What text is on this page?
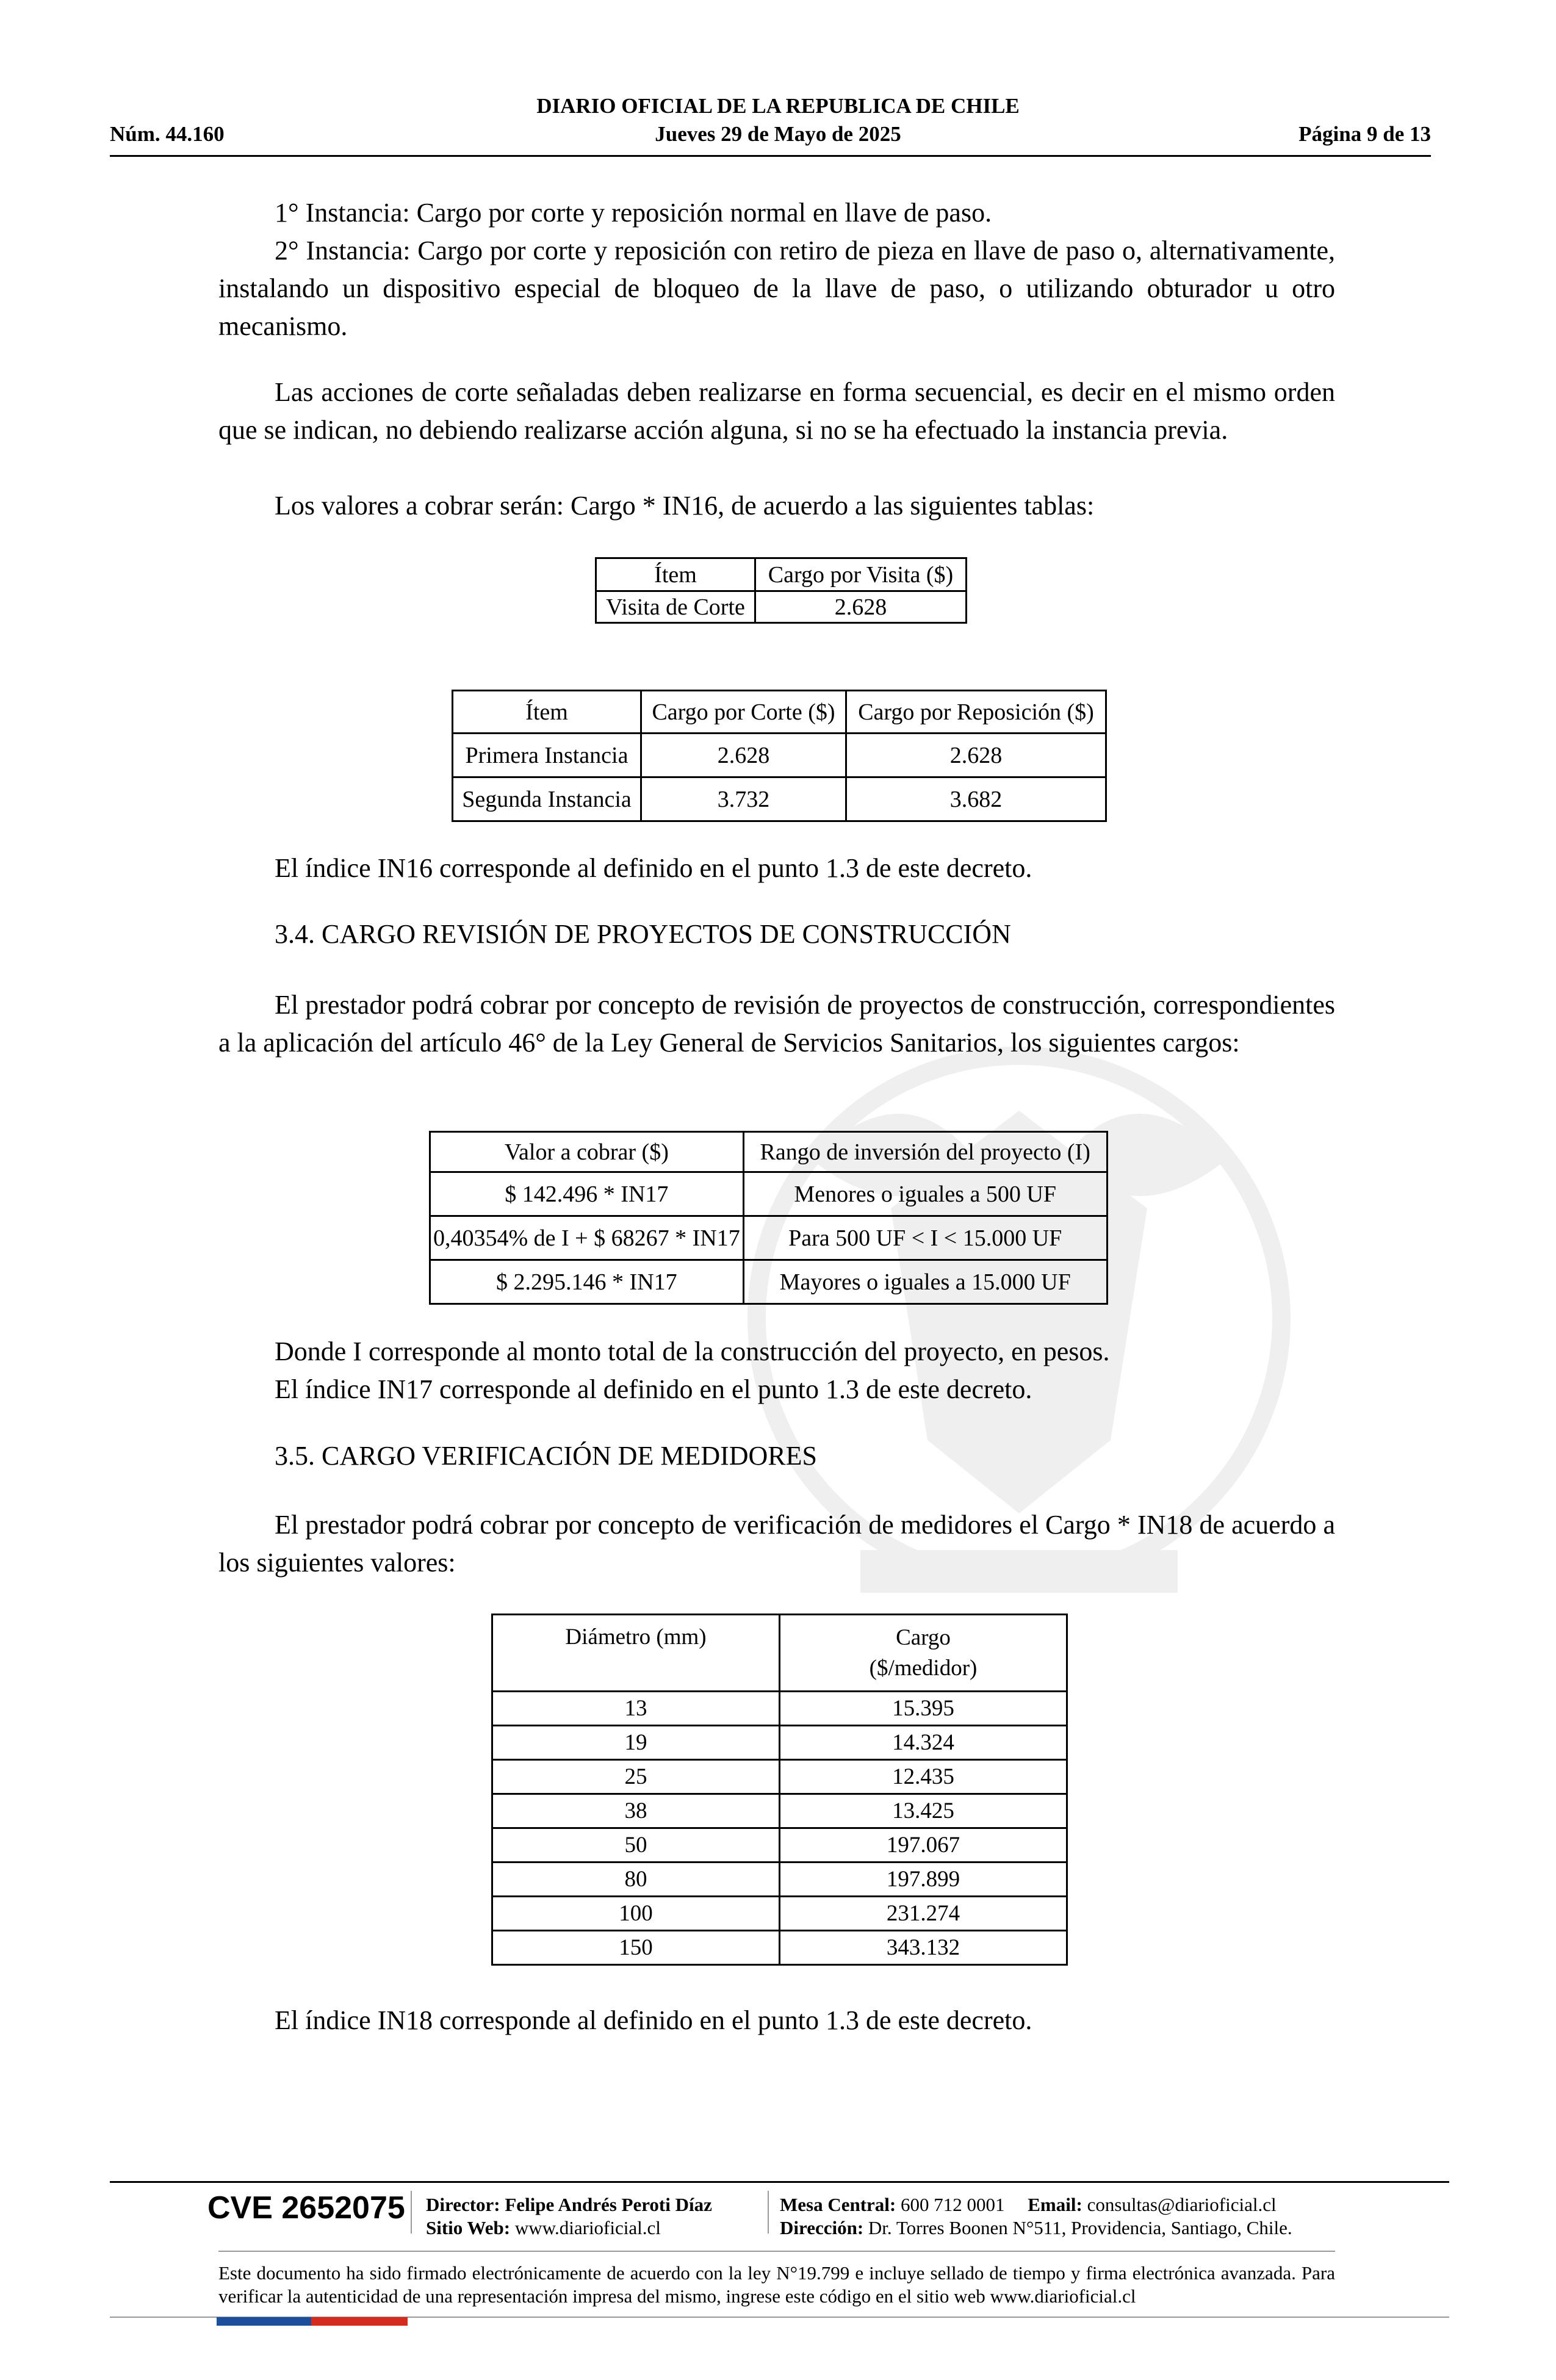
DIARIO OFICIAL DE LA REPUBLICA DE CHILE
Núm. 44.160	Jueves 29 de Mayo de 2025	Página 9 de 13
1° Instancia: Cargo por corte y reposición normal en llave de paso.
2° Instancia: Cargo por corte y reposición con retiro de pieza en llave de paso o, alternativamente, instalando un dispositivo especial de bloqueo de la llave de paso, o utilizando obturador u otro mecanismo.
Las acciones de corte señaladas deben realizarse en forma secuencial, es decir en el mismo orden que se indican, no debiendo realizarse acción alguna, si no se ha efectuado la instancia previa.
Los valores a cobrar serán: Cargo * IN16, de acuerdo a las siguientes tablas:
Ítem	Cargo por Visita ($)
Visita de Corte	2.628
Ítem	Cargo por Corte ($)	Cargo por Reposición ($)
Primera Instancia	2.628	2.628
Segunda Instancia	3.732	3.682
El índice IN16 corresponde al definido en el punto 1.3 de este decreto.
3.4. CARGO REVISIÓN DE PROYECTOS DE CONSTRUCCIÓN
El prestador podrá cobrar por concepto de revisión de proyectos de construcción, correspondientes a la aplicación del artículo 46° de la Ley General de Servicios Sanitarios, los siguientes cargos:
Valor a cobrar ($)	Rango de inversión del proyecto (I)
$ 142.496 * IN17	Menores o iguales a 500 UF
0,40354% de I + $ 68267 * IN17	Para 500 UF < I < 15.000 UF
$ 2.295.146 * IN17	Mayores o iguales a 15.000 UF
Donde I corresponde al monto total de la construcción del proyecto, en pesos.
El índice IN17 corresponde al definido en el punto 1.3 de este decreto.
3.5. CARGO VERIFICACIÓN DE MEDIDORES
El prestador podrá cobrar por concepto de verificación de medidores el Cargo * IN18 de acuerdo a los siguientes valores:
Diámetro (mm)	Cargo
($/medidor)

13	15.395
19	14.324
25	12.435
38	13.425
50	197.067
80	197.899
100	231.274
150	343.132
El índice IN18 corresponde al definido en el punto 1.3 de este decreto.
CVE 2652075 Director: Felipe Andrés Peroti Díaz
Sitio Web: www.diarioficial.cl
Mesa Central: 600 712 0001 Email: consultas@diarioficial.cl
Dirección: Dr. Torres Boonen N°511, Providencia, Santiago, Chile.
Este documento ha sido firmado electrónicamente de acuerdo con la ley N°19.799 e incluye sellado de tiempo y firma electrónica avanzada. Para verificar la autenticidad de una representación impresa del mismo, ingrese este código en el sitio web www.diarioficial.cl
